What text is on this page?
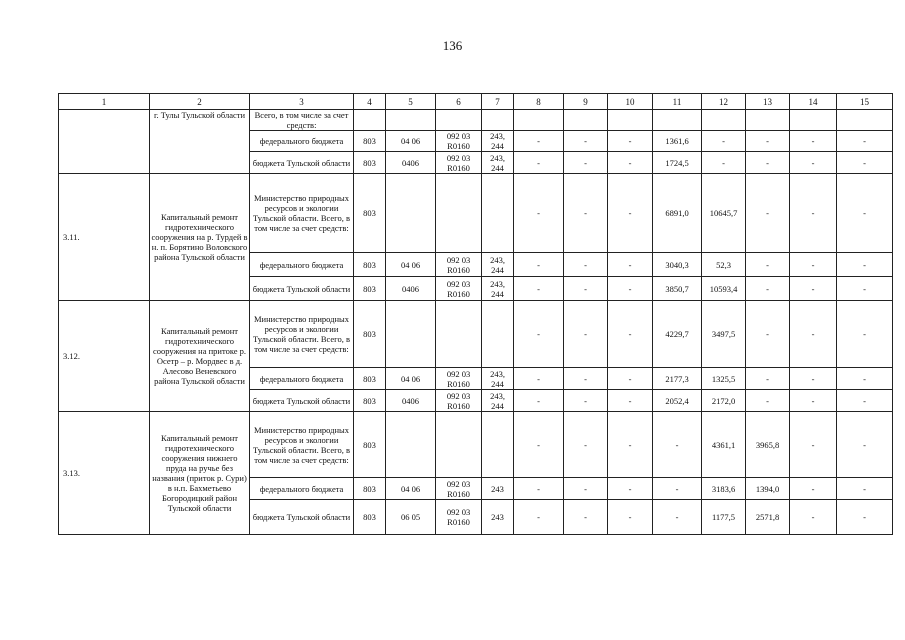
136
1	2	3	4	5	6	7	8	9	10	11	12	13	14	15
	г. Тулы Тульской области	Всего, в том числе за счет средств:												
		федерального бюджета	803	04 06	092 03 R0160	243, 244	-	-	-	1361,6	-	-	-	-
		бюджета Тульской области	803	0406	092 03 R0160	243, 244	-	-	-	1724,5	-	-	-	-
3.11.	Капитальный ремонт гидротехнического сооружения на р. Турдей в н. п. Борятино Воловского района Тульской области	Министерство природных ресурсов и экологии Тульской области. Всего, в том числе за счет средств:	803				-	-	-	6891,0	10645,7	-	-	-
		федерального бюджета	803	04 06	092 03 R0160	243, 244	-	-	-	3040,3	52,3	-	-	-
		бюджета Тульской области	803	0406	092 03 R0160	243, 244	-	-	-	3850,7	10593,4	-	-	-
3.12.	Капитальный ремонт гидротехнического сооружения на притоке р. Осетр – р. Мордвес в д. Алесово Веневского района Тульской области	Министерство природных ресурсов и экологии Тульской области. Всего, в том числе за счет средств:	803				-	-	-	4229,7	3497,5	-	-	-
		федерального бюджета	803	04 06	092 03 R0160	243, 244	-	-	-	2177,3	1325,5	-	-	-
		бюджета Тульской области	803	0406	092 03 R0160	243, 244	-	-	-	2052,4	2172,0	-	-	-
3.13.	Капитальный ремонт гидротехнического сооружения нижнего пруда на ручье без названия (приток р. Сури) в н.п. Бахметьево Богородицкий район Тульской области	Министерство природных ресурсов и экологии Тульской области. Всего, в том числе за счет средств:	803				-	-	-	-	4361,1	3965,8	-	-
		федерального бюджета	803	04 06	092 03 R0160	243	-	-	-	-	3183,6	1394,0	-	-
		бюджета Тульской области	803	06 05	092 03 R0160	243	-	-	-	-	1177,5	2571,8	-	-
